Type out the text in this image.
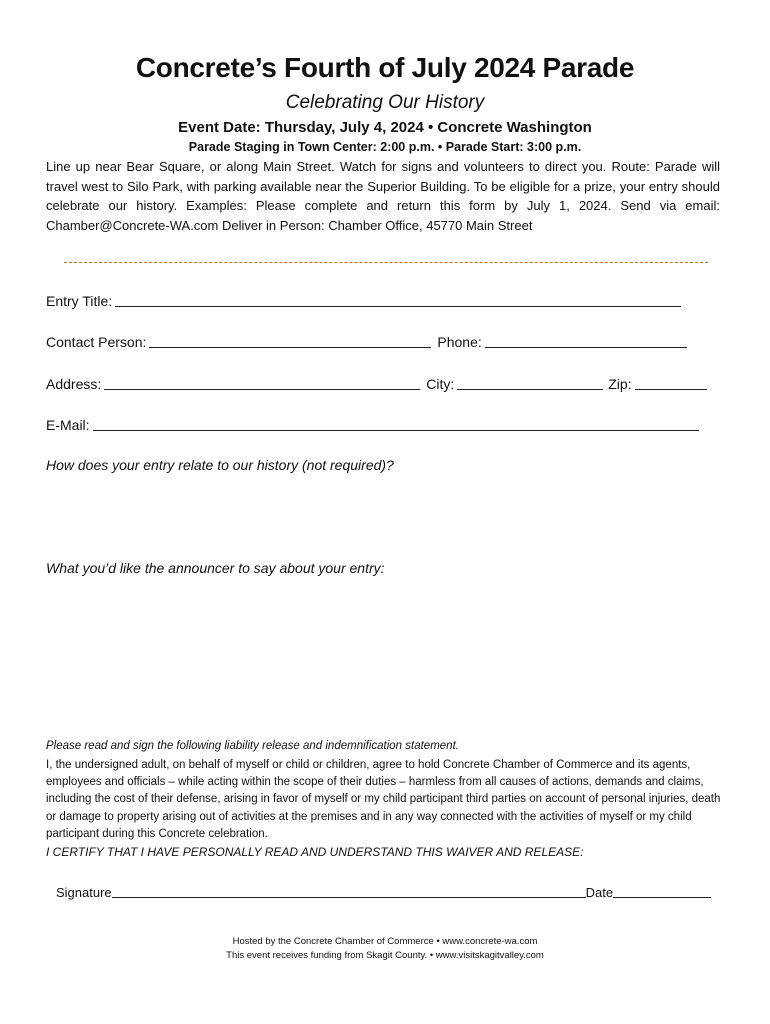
Concrete’s Fourth of July 2024 Parade
Celebrating Our History
Event Date: Thursday, July 4, 2024 • Concrete Washington
Parade Staging in Town Center: 2:00 p.m. • Parade Start: 3:00 p.m.
Line up near Bear Square, or along Main Street. Watch for signs and volunteers to direct you. Route: Parade will travel west to Silo Park, with parking available near the Superior Building. To be eligible for a prize, your entry should celebrate our history. Examples: Please complete and return this form by July 1, 2024. Send via email: Chamber@Concrete-WA.com Deliver in Person: Chamber Office, 45770 Main Street
Entry Title:
Contact Person:	Phone:
Address:	City:	Zip:
E-Mail:
How does your entry relate to our history (not required)?
What you’d like the announcer to say about your entry:
Please read and sign the following liability release and indemnification statement.
I, the undersigned adult, on behalf of myself or child or children, agree to hold Concrete Chamber of Commerce and its agents, employees and officials – while acting within the scope of their duties – harmless from all causes of actions, demands and claims, including the cost of their defense, arising in favor of myself or my child participant third parties on account of personal injuries, death or damage to property arising out of activities at the premises and in any way connected with the activities of myself or my child participant during this Concrete celebration.
I CERTIFY THAT I HAVE PERSONALLY READ AND UNDERSTAND THIS WAIVER AND RELEASE:
Signature	Date
Hosted by the Concrete Chamber of Commerce • www.concrete-wa.com
This event receives funding from Skagit County. • www.visitskagitvalley.com
